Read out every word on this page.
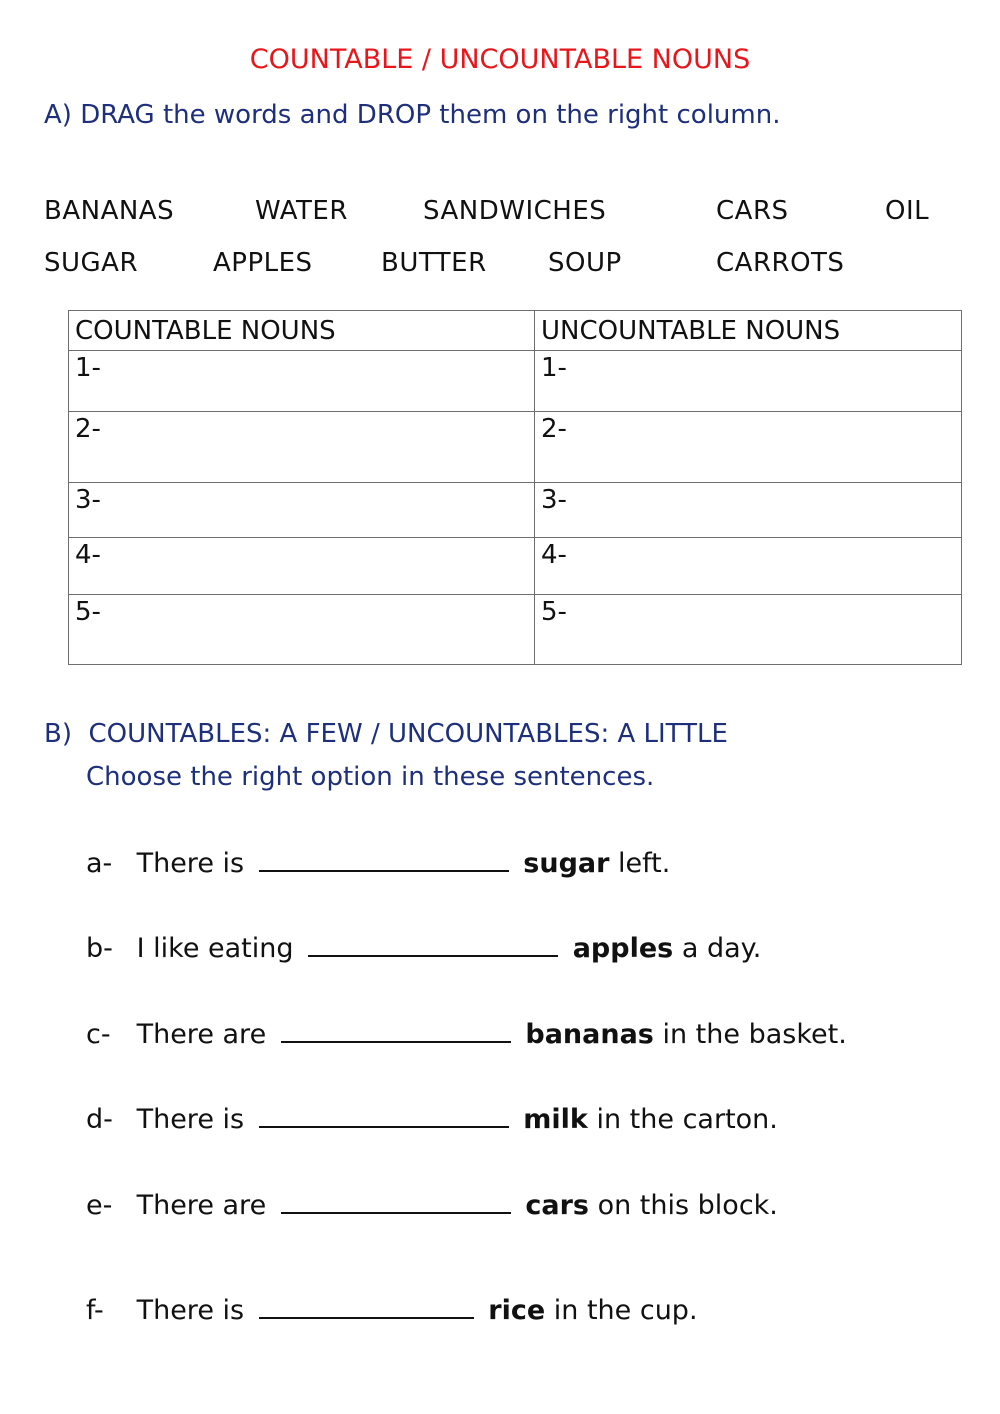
COUNTABLE / UNCOUNTABLE NOUNS
A) DRAG the words and DROP them on the right column.
BANANAS	WATER	SANDWICHES	CARS	OIL
SUGAR	APPLES	BUTTER SOUP	CARROTS
COUNTABLE NOUNS	UNCOUNTABLE NOUNS
1-	1-
2-	2-
3-	3-
4-	4-
5-	5-
B)  COUNTABLES: A FEW / UNCOUNTABLES: A LITTLE
Choose the right option in these sentences.
a- There is	sugar left.
b- I like eating	apples a day.
c- There are	bananas in the basket.
d- There is	milk in the carton.
e- There are	cars on this block.
f- There is	rice in the cup.
